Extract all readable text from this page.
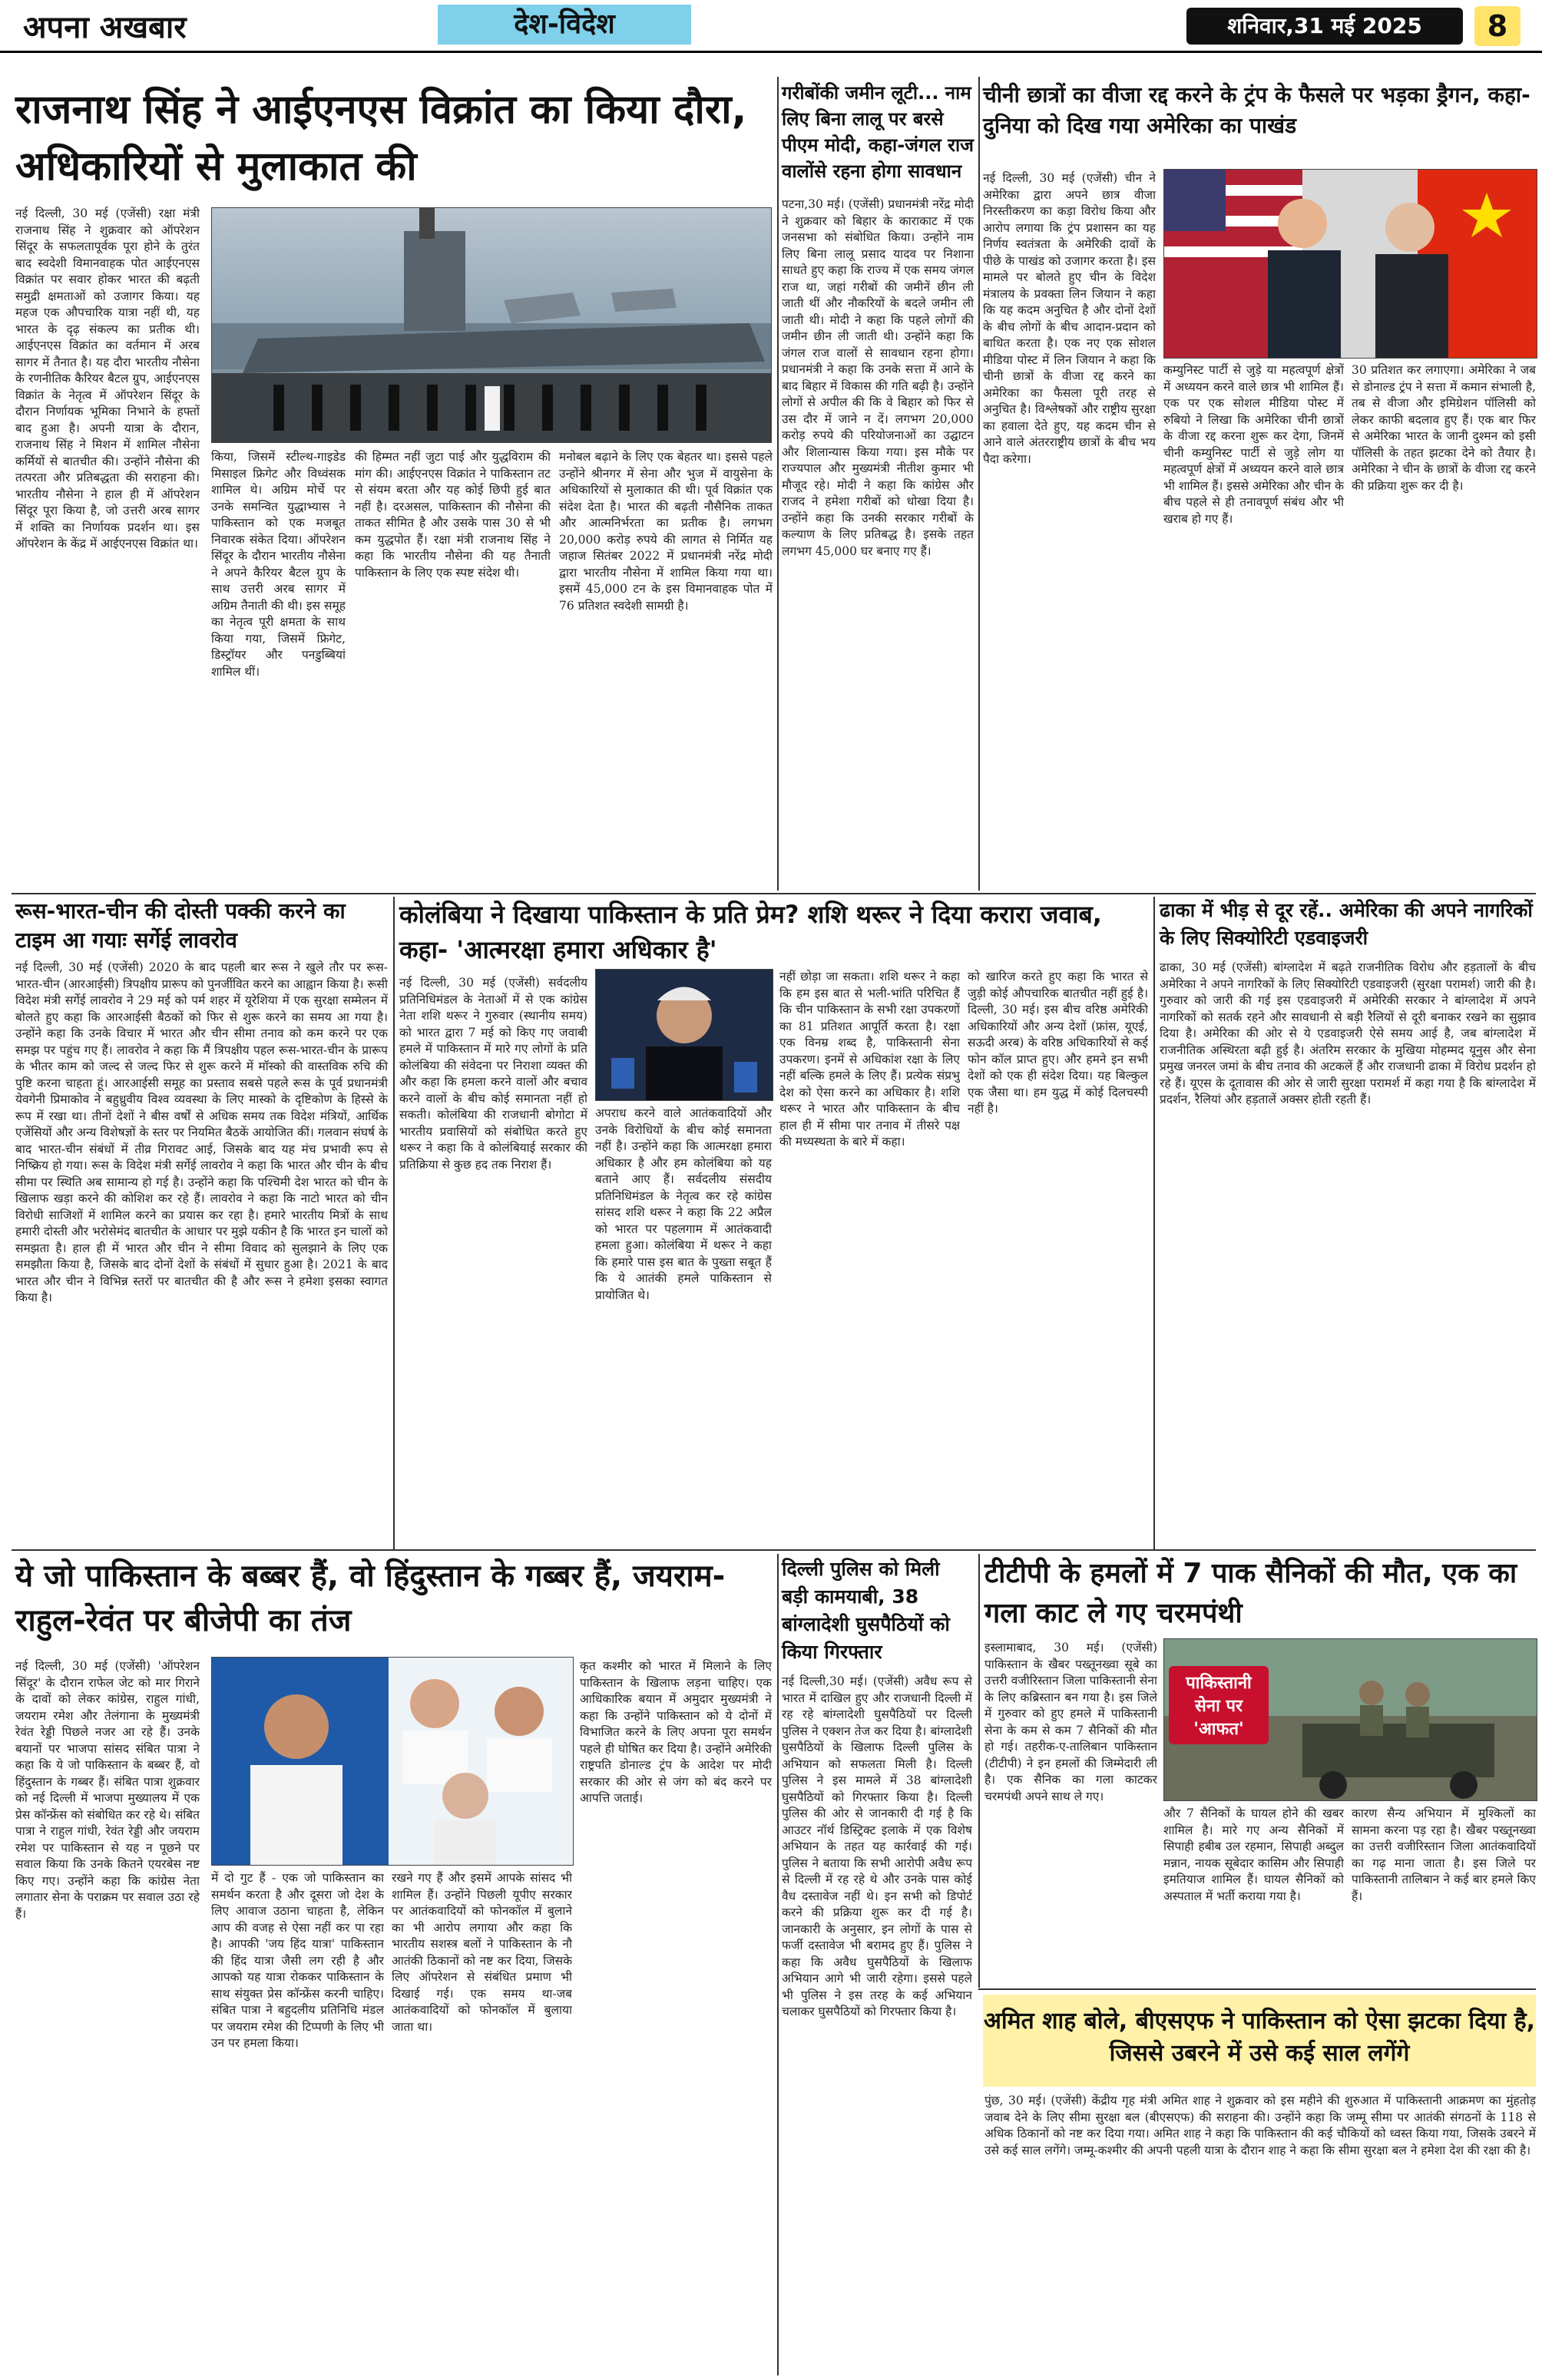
अपना अखबार	देश-विदेश	शनिवार,31 मई 2025	8
राजनाथ सिंह ने आईएनएस विक्रांत का किया दौरा, अधिकारियों से मुलाकात की

नई दिल्ली, 30 मई (एजेंसी) रक्षा मंत्री राजनाथ सिंह ने शुक्रवार को ऑपरेशन सिंदूर के सफलतापूर्वक पूरा होने के तुरंत बाद स्वदेशी विमानवाहक पोत आईएनएस विक्रांत पर सवार होकर भारत की बढ़ती समुद्री क्षमताओं को उजागर किया। यह महज एक औपचारिक यात्रा नहीं थी, यह भारत के दृढ़ संकल्प का प्रतीक थी। आईएनएस विक्रांत का वर्तमान में अरब सागर में तैनात है। यह दौरा भारतीय नौसेना के रणनीतिक कैरियर बैटल ग्रुप, आईएनएस विक्रांत के नेतृत्व में ऑपरेशन सिंदूर के दौरान निर्णायक भूमिका निभाने के हफ्तों बाद हुआ है। अपनी यात्रा के दौरान, राजनाथ सिंह ने मिशन में शामिल नौसेना कर्मियों से बातचीत की। उन्होंने नौसेना की तत्परता और प्रतिबद्धता की सराहना की। भारतीय नौसेना ने हाल ही में ऑपरेशन सिंदूर पूरा किया है, जो उत्तरी अरब सागर में शक्ति का निर्णायक प्रदर्शन था। इस ऑपरेशन के केंद्र में आईएनएस विक्रांत था।

किया, जिसमें स्टील्थ-गाइडेड मिसाइल फ्रिगेट और विध्वंसक शामिल थे। अग्रिम मोर्चे पर उनके समन्वित युद्धाभ्यास ने पाकिस्तान को एक मजबूत निवारक संकेत दिया। ऑपरेशन सिंदूर के दौरान भारतीय नौसेना ने अपने कैरियर बैटल ग्रुप के साथ उत्तरी अरब सागर में अग्रिम तैनाती की थी। इस समूह का नेतृत्व पूरी क्षमता के साथ किया गया, जिसमें फ्रिगेट, डिस्ट्रॉयर और पनडुब्बियां शामिल थीं।

की हिम्मत नहीं जुटा पाई और युद्धविराम की मांग की। आईएनएस विक्रांत ने पाकिस्तान तट से संयम बरता और यह कोई छिपी हुई बात नहीं है। दरअसल, पाकिस्तान की नौसेना की ताकत सीमित है और उसके पास 30 से भी कम युद्धपोत हैं। रक्षा मंत्री राजनाथ सिंह ने कहा कि भारतीय नौसेना की यह तैनाती पाकिस्तान के लिए एक स्पष्ट संदेश थी।

मनोबल बढ़ाने के लिए एक बेहतर था। इससे पहले उन्होंने श्रीनगर में सेना और भुज में वायुसेना के अधिकारियों से मुलाकात की थी। पूर्व विक्रांत एक संदेश देता है। भारत की बढ़ती नौसैनिक ताकत और आत्मनिर्भरता का प्रतीक है। लगभग 20,000 करोड़ रुपये की लागत से निर्मित यह जहाज सितंबर 2022 में प्रधानमंत्री नरेंद्र मोदी द्वारा भारतीय नौसेना में शामिल किया गया था। इसमें 45,000 टन के इस विमानवाहक पोत में 76 प्रतिशत स्वदेशी सामग्री है।

गरीबोंकी जमीन लूटी... नाम लिए बिना लालू पर बरसे पीएम मोदी, कहा-जंगल राज वालोंसे रहना होगा सावधान

पटना,30 मई। (एजेंसी) प्रधानमंत्री नरेंद्र मोदी ने शुक्रवार को बिहार के काराकाट में एक जनसभा को संबोधित किया। उन्होंने नाम लिए बिना लालू प्रसाद यादव पर निशाना साधते हुए कहा कि राज्य में एक समय जंगल राज था, जहां गरीबों की जमीनें छीन ली जाती थीं और नौकरियों के बदले जमीन ली जाती थी। मोदी ने कहा कि पहले लोगों की जमीन छीन ली जाती थी। उन्होंने कहा कि जंगल राज वालों से सावधान रहना होगा। प्रधानमंत्री ने कहा कि उनके सत्ता में आने के बाद बिहार में विकास की गति बढ़ी है। उन्होंने लोगों से अपील की कि वे बिहार को फिर से उस दौर में जाने न दें। लगभग 20,000 करोड़ रुपये की परियोजनाओं का उद्घाटन और शिलान्यास किया गया। इस मौके पर राज्यपाल और मुख्यमंत्री नीतीश कुमार भी मौजूद रहे। मोदी ने कहा कि कांग्रेस और राजद ने हमेशा गरीबों को धोखा दिया है। उन्होंने कहा कि उनकी सरकार गरीबों के कल्याण के लिए प्रतिबद्ध है। इसके तहत लगभग 45,000 घर बनाए गए हैं।

चीनी छात्रों का वीजा रद्द करने के ट्रंप के फैसले पर भड़का ड्रैगन, कहा- दुनिया को दिख गया अमेरिका का पाखंड

नई दिल्ली, 30 मई (एजेंसी) चीन ने अमेरिका द्वारा अपने छात्र वीजा निरस्तीकरण का कड़ा विरोध किया और आरोप लगाया कि ट्रंप प्रशासन का यह निर्णय स्वतंत्रता के अमेरिकी दावों के पीछे के पाखंड को उजागर करता है। इस मामले पर बोलते हुए चीन के विदेश मंत्रालय के प्रवक्ता लिन जियान ने कहा कि यह कदम अनुचित है और दोनों देशों के बीच लोगों के बीच आदान-प्रदान को बाधित करता है। एक नए एक सोशल मीडिया पोस्ट में लिन जियान ने कहा कि चीनी छात्रों के वीजा रद्द करने का अमेरिका का फैसला पूरी तरह से अनुचित है। विश्लेषकों और राष्ट्रीय सुरक्षा का हवाला देते हुए, यह कदम चीन से आने वाले अंतरराष्ट्रीय छात्रों के बीच भय पैदा करेगा।

कम्युनिस्ट पार्टी से जुड़े या महत्वपूर्ण क्षेत्रों में अध्ययन करने वाले छात्र भी शामिल हैं। एक पर एक सोशल मीडिया पोस्ट में रुबियो ने लिखा कि अमेरिका चीनी छात्रों के वीजा रद्द करना शुरू कर देगा, जिनमें चीनी कम्युनिस्ट पार्टी से जुड़े लोग या महत्वपूर्ण क्षेत्रों में अध्ययन करने वाले छात्र भी शामिल हैं। इससे अमेरिका और चीन के बीच पहले से ही तनावपूर्ण संबंध और भी खराब हो गए हैं।

30 प्रतिशत कर लगाएगा। अमेरिका ने जब से डोनाल्ड ट्रंप ने सत्ता में कमान संभाली है, तब से वीजा और इमिग्रेशन पॉलिसी को लेकर काफी बदलाव हुए हैं। एक बार फिर से अमेरिका भारत के जानी दुश्मन को इसी पॉलिसी के तहत झटका देने को तैयार है। अमेरिका ने चीन के छात्रों के वीजा रद्द करने की प्रक्रिया शुरू कर दी है।

रूस-भारत-चीन की दोस्ती पक्की करने का टाइम आ गयाः सर्गेई लावरोव

नई दिल्ली, 30 मई (एजेंसी) 2020 के बाद पहली बार रूस ने खुले तौर पर रूस-भारत-चीन (आरआईसी) त्रिपक्षीय प्रारूप को पुनर्जीवित करने का आह्वान किया है। रूसी विदेश मंत्री सर्गेई लावरोव ने 29 मई को पर्म शहर में यूरेशिया में एक सुरक्षा सम्मेलन में बोलते हुए कहा कि आरआईसी बैठकों को फिर से शुरू करने का समय आ गया है। उन्होंने कहा कि उनके विचार में भारत और चीन सीमा तनाव को कम करने पर एक समझ पर पहुंच गए हैं। लावरोव ने कहा कि मैं त्रिपक्षीय पहल रूस-भारत-चीन के प्रारूप के भीतर काम को जल्द से जल्द फिर से शुरू करने में मॉस्को की वास्तविक रुचि की पुष्टि करना चाहता हूं। आरआईसी समूह का प्रस्ताव सबसे पहले रूस के पूर्व प्रधानमंत्री येवगेनी प्रिमाकोव ने बहुध्रुवीय विश्व व्यवस्था के लिए मास्को के दृष्टिकोण के हिस्से के रूप में रखा था। तीनों देशों ने बीस वर्षों से अधिक समय तक विदेश मंत्रियों, आर्थिक एजेंसियों और अन्य विशेषज्ञों के स्तर पर नियमित बैठकें आयोजित कीं। गलवान संघर्ष के बाद भारत-चीन संबंधों में तीव्र गिरावट आई, जिसके बाद यह मंच प्रभावी रूप से निष्क्रिय हो गया। रूस के विदेश मंत्री सर्गेई लावरोव ने कहा कि भारत और चीन के बीच सीमा पर स्थिति अब सामान्य हो गई है। उन्होंने कहा कि पश्चिमी देश भारत को चीन के खिलाफ खड़ा करने की कोशिश कर रहे हैं। लावरोव ने कहा कि नाटो भारत को चीन विरोधी साजिशों में शामिल करने का प्रयास कर रहा है। हमारे भारतीय मित्रों के साथ हमारी दोस्ती और भरोसेमंद बातचीत के आधार पर मुझे यकीन है कि भारत इन चालों को समझता है। हाल ही में भारत और चीन ने सीमा विवाद को सुलझाने के लिए एक समझौता किया है, जिसके बाद दोनों देशों के संबंधों में सुधार हुआ है। 2021 के बाद भारत और चीन ने विभिन्न स्तरों पर बातचीत की है और रूस ने हमेशा इसका स्वागत किया है।

कोलंबिया ने दिखाया पाकिस्तान के प्रति प्रेम? शशि थरूर ने दिया करारा जवाब, कहा- 'आत्मरक्षा हमारा अधिकार है'

नई दिल्ली, 30 मई (एजेंसी) सर्वदलीय प्रतिनिधिमंडल के नेताओं में से एक कांग्रेस नेता शशि थरूर ने गुरुवार (स्थानीय समय) को भारत द्वारा 7 मई को किए गए जवाबी हमले में पाकिस्तान में मारे गए लोगों के प्रति कोलंबिया की संवेदना पर निराशा व्यक्त की और कहा कि हमला करने वालों और बचाव करने वालों के बीच कोई समानता नहीं हो सकती। कोलंबिया की राजधानी बोगोटा में भारतीय प्रवासियों को संबोधित करते हुए थरूर ने कहा कि वे कोलंबियाई सरकार की प्रतिक्रिया से कुछ हद तक निराश हैं।

अपराध करने वाले आतंकवादियों और उनके विरोधियों के बीच कोई समानता नहीं है। उन्होंने कहा कि आत्मरक्षा हमारा अधिकार है और हम कोलंबिया को यह बताने आए हैं। सर्वदलीय संसदीय प्रतिनिधिमंडल के नेतृत्व कर रहे कांग्रेस सांसद शशि थरूर ने कहा कि 22 अप्रैल को भारत पर पहलगाम में आतंकवादी हमला हुआ। कोलंबिया में थरूर ने कहा कि हमारे पास इस बात के पुख्ता सबूत हैं कि ये आतंकी हमले पाकिस्तान से प्रायोजित थे।

नहीं छोड़ा जा सकता। शशि थरूर ने कहा कि हम इस बात से भली-भांति परिचित हैं कि चीन पाकिस्तान के सभी रक्षा उपकरणों का 81 प्रतिशत आपूर्ति करता है। रक्षा एक विनम्र शब्द है, पाकिस्तानी सेना उपकरण। इनमें से अधिकांश रक्षा के लिए नहीं बल्कि हमले के लिए हैं। प्रत्येक संप्रभु देश को ऐसा करने का अधिकार है। शशि थरूर ने भारत और पाकिस्तान के बीच हाल ही में सीमा पार तनाव में तीसरे पक्ष की मध्यस्थता के बारे में कहा।

को खारिज करते हुए कहा कि भारत से जुड़ी कोई औपचारिक बातचीत नहीं हुई है। दिल्ली, 30 मई। इस बीच वरिष्ठ अमेरिकी अधिकारियों और अन्य देशों (फ्रांस, यूएई, सऊदी अरब) के वरिष्ठ अधिकारियों से कई फोन कॉल प्राप्त हुए। और हमने इन सभी देशों को एक ही संदेश दिया। यह बिल्कुल एक जैसा था। हम युद्ध में कोई दिलचस्पी नहीं है।

ढाका में भीड़ से दूर रहें.. अमेरिका की अपने नागरिकों के लिए सिक्योरिटी एडवाइजरी

ढाका, 30 मई (एजेंसी) बांग्लादेश में बढ़ते राजनीतिक विरोध और हड़तालों के बीच अमेरिका ने अपने नागरिकों के लिए सिक्योरिटी एडवाइजरी (सुरक्षा परामर्श) जारी की है। गुरुवार को जारी की गई इस एडवाइजरी में अमेरिकी सरकार ने बांग्लादेश में अपने नागरिकों को सतर्क रहने और सावधानी से बड़ी रैलियों से दूरी बनाकर रखने का सुझाव दिया है। अमेरिका की ओर से ये एडवाइजरी ऐसे समय आई है, जब बांग्लादेश में राजनीतिक अस्थिरता बढ़ी हुई है। अंतरिम सरकार के मुखिया मोहम्मद यूनुस और सेना प्रमुख जनरल जमां के बीच तनाव की अटकलें हैं और राजधानी ढाका में विरोध प्रदर्शन हो रहे हैं। यूएस के दूतावास की ओर से जारी सुरक्षा परामर्श में कहा गया है कि बांग्लादेश में प्रदर्शन, रैलियां और हड़तालें अक्सर होती रहती हैं।

ये जो पाकिस्तान के बब्बर हैं, वो हिंदुस्तान के गब्बर हैं, जयराम-राहुल-रेवंत पर बीजेपी का तंज

नई दिल्ली, 30 मई (एजेंसी) 'ऑपरेशन सिंदूर' के दौरान राफेल जेट को मार गिराने के दावों को लेकर कांग्रेस, राहुल गांधी, जयराम रमेश और तेलंगाना के मुख्यमंत्री रेवंत रेड्डी पिछले नजर आ रहे हैं। उनके बयानों पर भाजपा सांसद संबित पात्रा ने कहा कि ये जो पाकिस्तान के बब्बर हैं, वो हिंदुस्तान के गब्बर हैं। संबित पात्रा शुक्रवार को नई दिल्ली में भाजपा मुख्यालय में एक प्रेस कॉन्फ्रेंस को संबोधित कर रहे थे। संबित पात्रा ने राहुल गांधी, रेवंत रेड्डी और जयराम रमेश पर पाकिस्तान से यह न पूछने पर सवाल किया कि उनके कितने एयरबेस नष्ट किए गए। उन्होंने कहा कि कांग्रेस नेता लगातार सेना के पराक्रम पर सवाल उठा रहे हैं।

में दो गुट हैं - एक जो पाकिस्तान का समर्थन करता है और दूसरा जो देश के लिए आवाज उठाना चाहता है, लेकिन आप की वजह से ऐसा नहीं कर पा रहा है। आपकी 'जय हिंद यात्रा' पाकिस्तान की हिंद यात्रा जैसी लग रही है और आपको यह यात्रा रोककर पाकिस्तान के साथ संयुक्त प्रेस कॉन्फ्रेंस करनी चाहिए। संबित पात्रा ने बहुदलीय प्रतिनिधि मंडल पर जयराम रमेश की टिप्पणी के लिए भी उन पर हमला किया।

रखने गए हैं और इसमें आपके सांसद भी शामिल हैं। उन्होंने पिछली यूपीए सरकार पर आतंकवादियों को फोनकॉल में बुलाने का भी आरोप लगाया और कहा कि भारतीय सशस्त्र बलों ने पाकिस्तान के नौ आतंकी ठिकानों को नष्ट कर दिया, जिसके लिए ऑपरेशन से संबंधित प्रमाण भी दिखाई गई। एक समय था-जब आतंकवादियों को फोनकॉल में बुलाया जाता था।

कृत कश्मीर को भारत में मिलाने के लिए पाकिस्तान के खिलाफ लड़ना चाहिए। एक आधिकारिक बयान में अमुदार मुख्यमंत्री ने कहा कि उन्होंने पाकिस्तान को ये दोनों में विभाजित करने के लिए अपना पूरा समर्थन पहले ही घोषित कर दिया है। उन्होंने अमेरिकी राष्ट्रपति डोनाल्ड ट्रंप के आदेश पर मोदी सरकार की ओर से जंग को बंद करने पर आपत्ति जताई।

दिल्ली पुलिस को मिली बड़ी कामयाबी, 38 बांग्लादेशी घुसपैठियों को किया गिरफ्तार

नई दिल्ली,30 मई। (एजेंसी) अवैध रूप से भारत में दाखिल हुए और राजधानी दिल्ली में रह रहे बांग्लादेशी घुसपैठियों पर दिल्ली पुलिस ने एक्शन तेज कर दिया है। बांग्लादेशी घुसपैठियों के खिलाफ दिल्ली पुलिस के अभियान को सफलता मिली है। दिल्ली पुलिस ने इस मामले में 38 बांग्लादेशी घुसपैठियों को गिरफ्तार किया है। दिल्ली पुलिस की ओर से जानकारी दी गई है कि आउटर नॉर्थ डिस्ट्रिक्ट इलाके में एक विशेष अभियान के तहत यह कार्रवाई की गई। पुलिस ने बताया कि सभी आरोपी अवैध रूप से दिल्ली में रह रहे थे और उनके पास कोई वैध दस्तावेज नहीं थे। इन सभी को डिपोर्ट करने की प्रक्रिया शुरू कर दी गई है। जानकारी के अनुसार, इन लोगों के पास से फर्जी दस्तावेज भी बरामद हुए हैं। पुलिस ने कहा कि अवैध घुसपैठियों के खिलाफ अभियान आगे भी जारी रहेगा। इससे पहले भी पुलिस ने इस तरह के कई अभियान चलाकर घुसपैठियों को गिरफ्तार किया है।

टीटीपी के हमलों में 7 पाक सैनिकों की मौत, एक का गला काट ले गए चरमपंथी

इस्लामाबाद, 30 मई। (एजेंसी) पाकिस्तान के खैबर पख्तूनख्वा सूबे का उत्तरी वजीरिस्तान जिला पाकिस्तानी सेना के लिए कब्रिस्तान बन गया है। इस जिले में गुरुवार को हुए हमले में पाकिस्तानी सेना के कम से कम 7 सैनिकों की मौत हो गई। तहरीक-ए-तालिबान पाकिस्तान (टीटीपी) ने इन हमलों की जिम्मेदारी ली है। एक सैनिक का गला काटकर चरमपंथी अपने साथ ले गए।

पाकिस्तानी सेना पर 'आफत'

और 7 सैनिकों के घायल होने की खबर शामिल है। मारे गए अन्य सैनिकों में सिपाही हबीब उल रहमान, सिपाही अब्दुल मन्नान, नायक सूबेदार कासिम और सिपाही इमतियाज शामिल हैं। घायल सैनिकों को अस्पताल में भर्ती कराया गया है।

कारण सैन्य अभियान में मुश्किलों का सामना करना पड़ रहा है। खैबर पख्तूनख्वा का उत्तरी वजीरिस्तान जिला आतंकवादियों का गढ़ माना जाता है। इस जिले पर पाकिस्तानी तालिबान ने कई बार हमले किए हैं।

अमित शाह बोले, बीएसएफ ने पाकिस्तान को ऐसा झटका दिया है, जिससे उबरने में उसे कई साल लगेंगे

पुंछ, 30 मई। (एजेंसी) केंद्रीय गृह मंत्री अमित शाह ने शुक्रवार को इस महीने की शुरुआत में पाकिस्तानी आक्रमण का मुंहतोड़ जवाब देने के लिए सीमा सुरक्षा बल (बीएसएफ) की सराहना की। उन्होंने कहा कि जम्मू सीमा पर आतंकी संगठनों के 118 से अधिक ठिकानों को नष्ट कर दिया गया। अमित शाह ने कहा कि पाकिस्तान की कई चौकियों को ध्वस्त किया गया, जिसके उबरने में उसे कई साल लगेंगे। जम्मू-कश्मीर की अपनी पहली यात्रा के दौरान शाह ने कहा कि सीमा सुरक्षा बल ने हमेशा देश की रक्षा की है।
